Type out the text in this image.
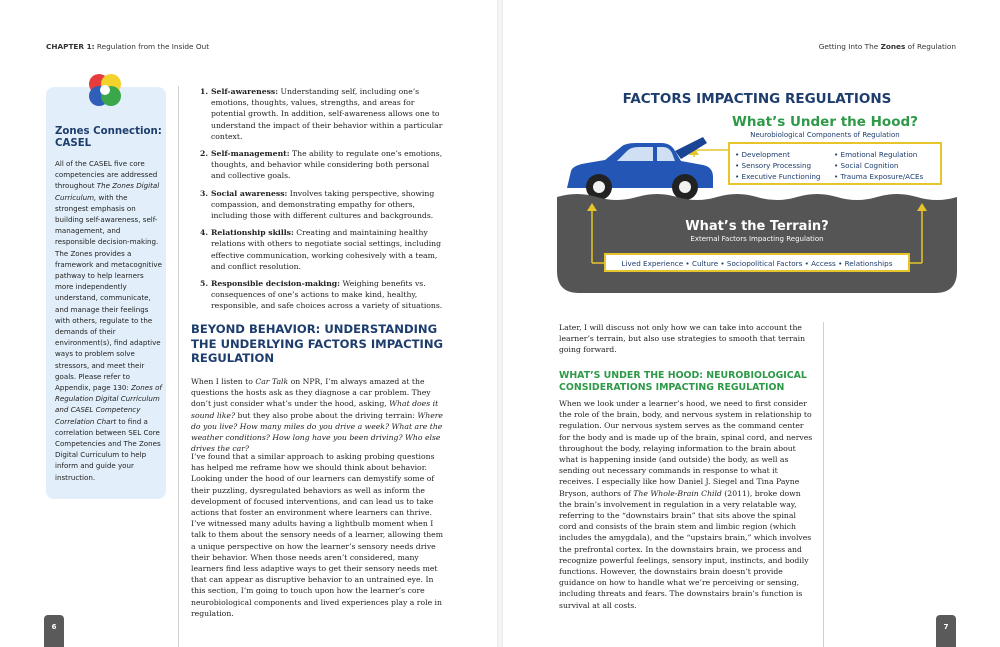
CHAPTER 1: Regulation from the Inside Out
Zones Connection: CASEL
All of the CASEL five core competencies are addressed throughout The Zones Digital Curriculum, with the strongest emphasis on building self-awareness, self-management, and responsible decision-making. The Zones provides a framework and metacognitive pathway to help learners more independently understand, communicate, and manage their feelings with others, regulate to the demands of their environment(s), find adaptive ways to problem solve stressors, and meet their goals. Please refer to Appendix, page 130: Zones of Regulation Digital Curriculum and CASEL Competency Correlation Chart to find a correlation between SEL Core Competencies and The Zones Digital Curriculum to help inform and guide your instruction.
1. Self-awareness: Understanding self, including one’s emotions, thoughts, values, strengths, and areas for potential growth. In addition, self-awareness allows one to understand the impact of their behavior within a particular context.
2. Self-management: The ability to regulate one’s emotions, thoughts, and behavior while considering both personal and collective goals.
3. Social awareness: Involves taking perspective, showing compassion, and demonstrating empathy for others, including those with different cultures and backgrounds.
4. Relationship skills: Creating and maintaining healthy relations with others to negotiate social settings, including effective communication, working cohesively with a team, and conflict resolution.
5. Responsible decision-making: Weighing benefits vs. consequences of one’s actions to make kind, healthy, responsible, and safe choices across a variety of situations.
BEYOND BEHAVIOR: UNDERSTANDING THE UNDERLYING FACTORS IMPACTING REGULATION

When I listen to Car Talk on NPR, I’m always amazed at the questions the hosts ask as they diagnose a car problem. They don’t just consider what’s under the hood, asking, What does it sound like? but they also probe about the driving terrain: Where do you live? How many miles do you drive a week? What are the weather conditions? How long have you been driving? Who else drives the car?

I’ve found that a similar approach to asking probing questions has helped me reframe how we should think about behavior. Looking under the hood of our learners can demystify some of their puzzling, dysregulated behaviors as well as inform the development of focused interventions, and can lead us to take actions that foster an environment where learners can thrive. I’ve witnessed many adults having a lightbulb moment when I talk to them about the sensory needs of a learner, allowing them a unique perspective on how the learner’s sensory needs drive their behavior. When those needs aren’t considered, many learners find less adaptive ways to get their sensory needs met that can appear as disruptive behavior to an untrained eye. In this section, I’m going to touch upon how the learner’s core neurobiological components and lived experiences play a role in regulation.

6
Getting Into The Zones of Regulation
FACTORS IMPACTING REGULATIONS
What’s Under the Hood?
Neurobiological Components of Regulation
• Development
• Sensory Processing
• Executive Functioning
• Emotional Regulation
• Social Cognition
• Trauma Exposure/ACEs
What’s the Terrain?
External Factors Impacting Regulation
Lived Experience • Culture • Sociopolitical Factors • Access • Relationships

Later, I will discuss not only how we can take into account the learner’s terrain, but also use strategies to smooth that terrain going forward.

WHAT’S UNDER THE HOOD: NEUROBIOLOGICAL CONSIDERATIONS IMPACTING REGULATION

When we look under a learner’s hood, we need to first consider the role of the brain, body, and nervous system in relationship to regulation. Our nervous system serves as the command center for the body and is made up of the brain, spinal cord, and nerves throughout the body, relaying information to the brain about what is happening inside (and outside) the body, as well as sending out necessary commands in response to what it receives. I especially like how Daniel J. Siegel and Tina Payne Bryson, authors of The Whole-Brain Child (2011), broke down the brain’s involvement in regulation in a very relatable way, referring to the “downstairs brain” that sits above the spinal cord and consists of the brain stem and limbic region (which includes the amygdala), and the “upstairs brain,” which involves the prefrontal cortex. In the downstairs brain, we process and recognize powerful feelings, sensory input, instincts, and bodily functions. However, the downstairs brain doesn’t provide guidance on how to handle what we’re perceiving or sensing, including threats and fears. The downstairs brain’s function is survival at all costs.

7
